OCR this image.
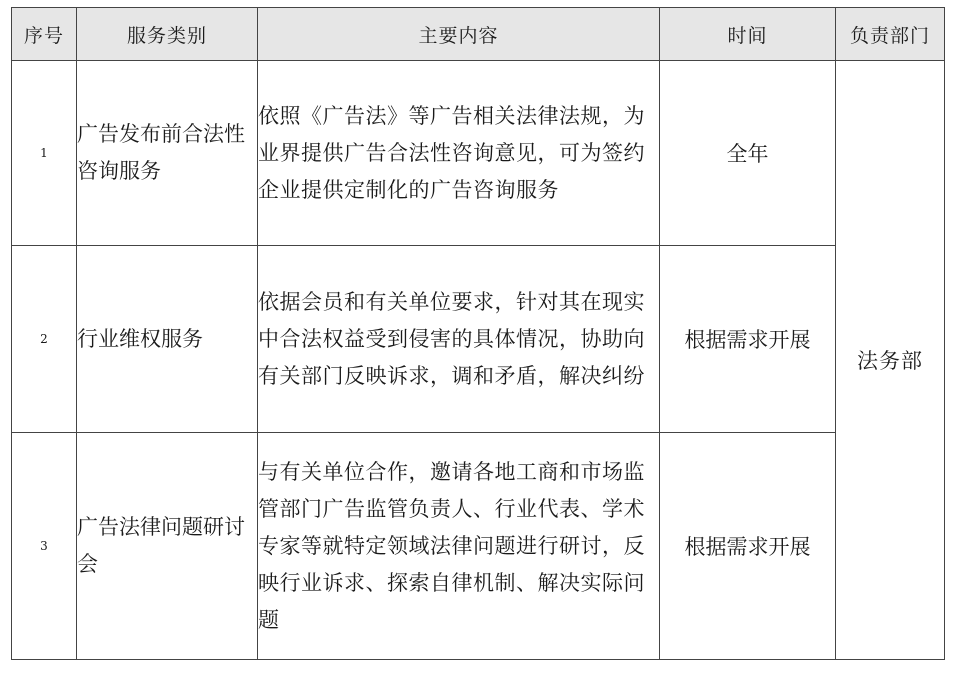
序号	服务类别	主要内容	时间	负责部门
1	广告发布前合法性咨询服务	依照《广告法》等广告相关法律法规，为业界提供广告合法性咨询意见，可为签约企业提供定制化的广告咨询服务	全年	法务部
2	行业维权服务	依据会员和有关单位要求，针对其在现实中合法权益受到侵害的具体情况，协助向有关部门反映诉求，调和矛盾，解决纠纷	根据需求开展	
3	广告法律问题研讨会	与有关单位合作，邀请各地工商和市场监管部门广告监管负责人、行业代表、学术专家等就特定领域法律问题进行研讨，反映行业诉求、探索自律机制、解决实际问题	根据需求开展	
